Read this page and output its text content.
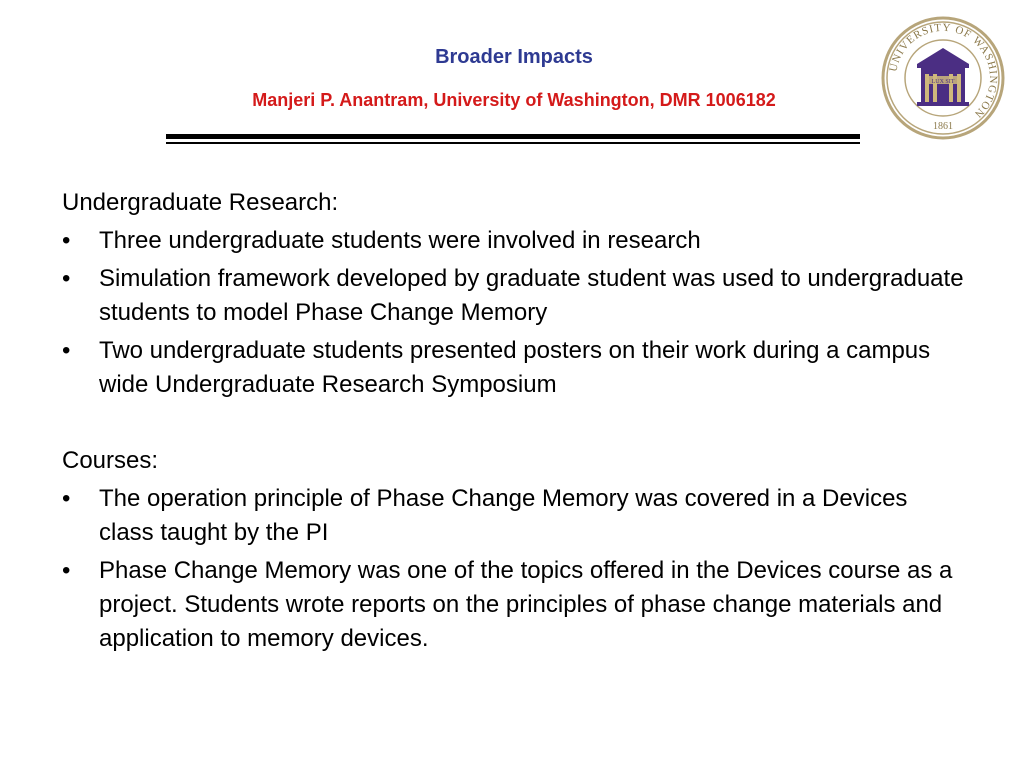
Broader Impacts
Manjeri P. Anantram, University of Washington, DMR 1006182
UNIVERSITY OF WASHINGTON
1861
LUX SIT

Undergraduate Research:

• Three undergraduate students were involved in research
• Simulation framework developed by graduate student was used to undergraduate students to model Phase Change Memory
• Two undergraduate students presented posters on their work during a campus wide Undergraduate Research Symposium

Courses:

• The operation principle of Phase Change Memory was covered in a Devices class taught by the PI
• Phase Change Memory was one of the topics offered in the Devices course as a project. Students wrote reports on the principles of phase change materials and application to memory devices.
